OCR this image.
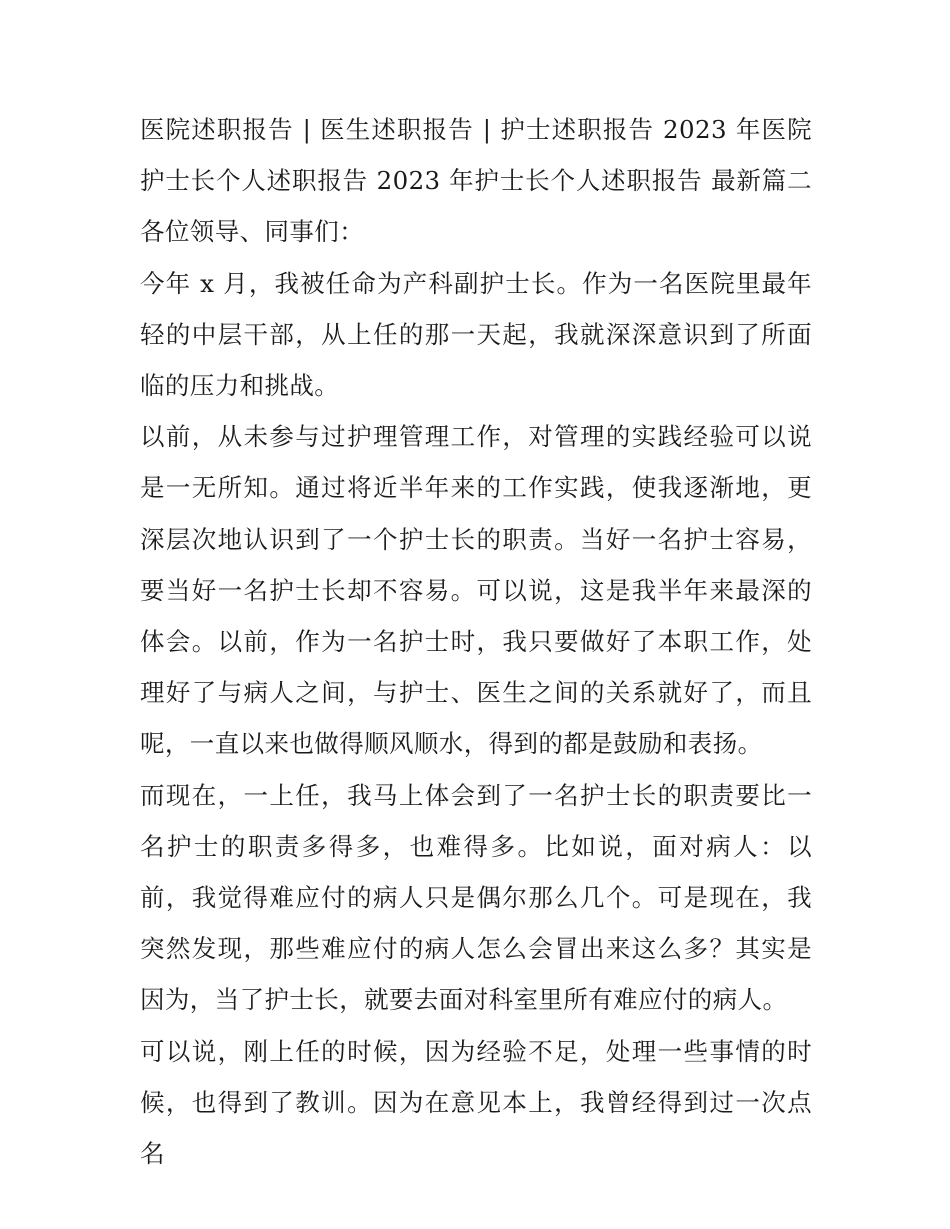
医院述职报告 | 医生述职报告 | 护士述职报告 2023 年医院护士长个人述职报告 2023 年护士长个人述职报告 最新篇二 各位领导、同事们：

今年 x 月，我被任命为产科副护士长。作为一名医院里最年轻的中层干部，从上任的那一天起，我就深深意识到了所面临的压力和挑战。

以前，从未参与过护理管理工作，对管理的实践经验可以说是一无所知。通过将近半年来的工作实践，使我逐渐地，更深层次地认识到了一个护士长的职责。当好一名护士容易，要当好一名护士长却不容易。可以说，这是我半年来最深的体会。以前，作为一名护士时，我只要做好了本职工作，处理好了与病人之间，与护士、医生之间的关系就好了，而且呢，一直以来也做得顺风顺水，得到的都是鼓励和表扬。

而现在，一上任，我马上体会到了一名护士长的职责要比一名护士的职责多得多，也难得多。比如说，面对病人：以前，我觉得难应付的病人只是偶尔那么几个。可是现在，我突然发现，那些难应付的病人怎么会冒出来这么多？其实是因为，当了护士长，就要去面对科室里所有难应付的病人。

可以说，刚上任的时候，因为经验不足，处理一些事情的时候，也得到了教训。因为在意见本上，我曾经得到过一次点名
